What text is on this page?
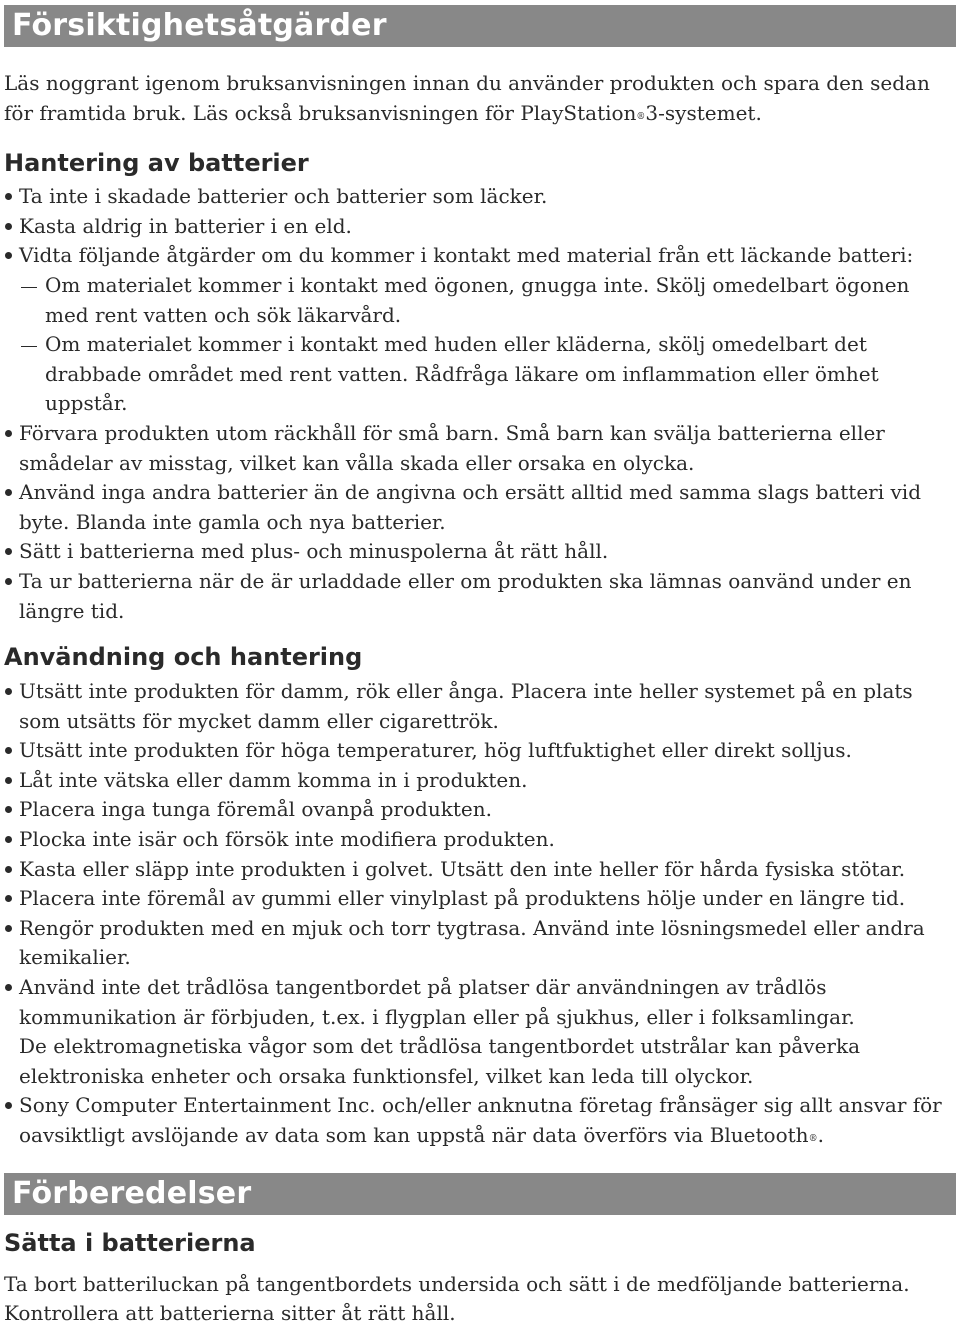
Försiktighetsåtgärder

Läs noggrant igenom bruksanvisningen innan du använder produkten och spara den sedan
för framtida bruk. Läs också bruksanvisningen för PlayStation®3-systemet.

Hantering av batterier
Ta inte i skadade batterier och batterier som läcker.
Kasta aldrig in batterier i en eld.
Vidta följande åtgärder om du kommer i kontakt med material från ett läckande batteri:
Om materialet kommer i kontakt med ögonen, gnugga inte. Skölj omedelbart ögonen med rent vatten och sök läkarvård.
Om materialet kommer i kontakt med huden eller kläderna, skölj omedelbart det drabbade området med rent vatten. Rådfråga läkare om inflammation eller ömhet uppstår.
Förvara produkten utom räckhåll för små barn. Små barn kan svälja batterierna eller smådelar av misstag, vilket kan vålla skada eller orsaka en olycka.
Använd inga andra batterier än de angivna och ersätt alltid med samma slags batteri vid byte. Blanda inte gamla och nya batterier.
Sätt i batterierna med plus- och minuspolerna åt rätt håll.
Ta ur batterierna när de är urladdade eller om produkten ska lämnas oanvänd under en längre tid.
Användning och hantering
Utsätt inte produkten för damm, rök eller ånga. Placera inte heller systemet på en plats som utsätts för mycket damm eller cigarettrök.
Utsätt inte produkten för höga temperaturer, hög luftfuktighet eller direkt solljus.
Låt inte vätska eller damm komma in i produkten.
Placera inga tunga föremål ovanpå produkten.
Plocka inte isär och försök inte modifiera produkten.
Kasta eller släpp inte produkten i golvet. Utsätt den inte heller för hårda fysiska stötar.
Placera inte föremål av gummi eller vinylplast på produktens hölje under en längre tid.
Rengör produkten med en mjuk och torr tygtrasa. Använd inte lösningsmedel eller andra kemikalier.
Använd inte det trådlösa tangentbordet på platser där användningen av trådlös kommunikation är förbjuden, t.ex. i flygplan eller på sjukhus, eller i folksamlingar.
De elektromagnetiska vågor som det trådlösa tangentbordet utstrålar kan påverka elektroniska enheter och orsaka funktionsfel, vilket kan leda till olyckor.
Sony Computer Entertainment Inc. och/eller anknutna företag frånsäger sig allt ansvar för oavsiktligt avslöjande av data som kan uppstå när data överförs via Bluetooth®.
Förberedelser
Sätta i batterierna

Ta bort batteriluckan på tangentbordets undersida och sätt i de medföljande batterierna.
Kontrollera att batterierna sitter åt rätt håll.
